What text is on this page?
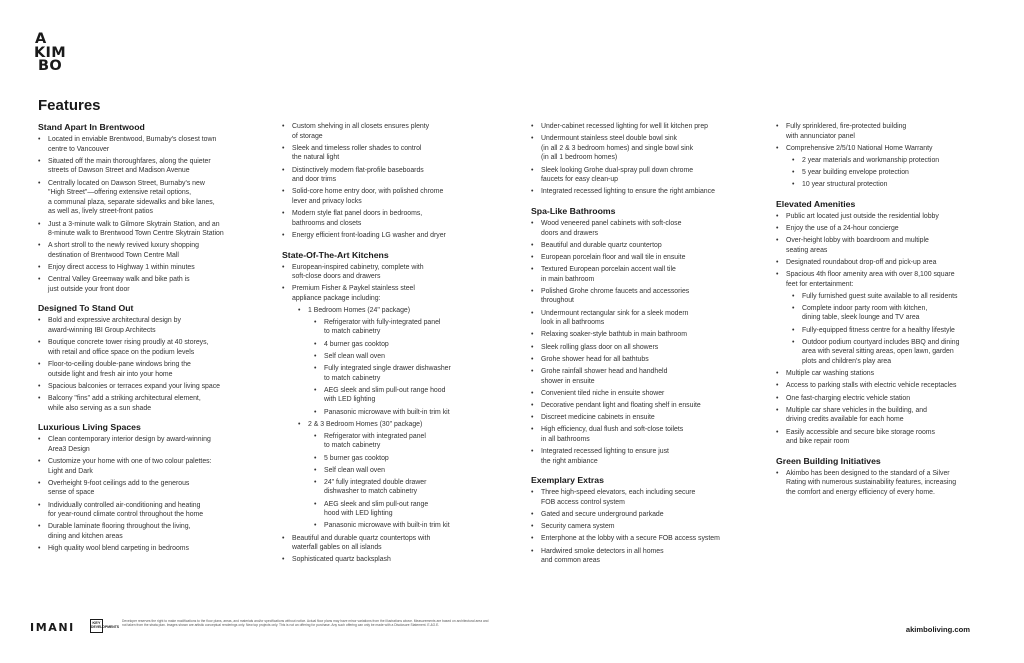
A
KIM
BO
Features
Stand Apart In Brentwood
• Located in enviable Brentwood, Burnaby's closest town
centre to Vancouver
• Situated off the main thoroughfares, along the quieter
streets of Dawson Street and Madison Avenue
• Centrally located on Dawson Street, Burnaby's new
"High Street"—offering extensive retail options,
a communal plaza, separate sidewalks and bike lanes,
as well as, lively street-front patios
• Just a 3-minute walk to Gilmore Skytrain Station, and an
8-minute walk to Brentwood Town Centre Skytrain Station
• A short stroll to the newly revived luxury shopping
destination of Brentwood Town Centre Mall
• Enjoy direct access to Highway 1 within minutes
• Central Valley Greenway walk and bike path is
just outside your front door
Designed To Stand Out
• Bold and expressive architectural design by
award-winning IBI Group Architects
• Boutique concrete tower rising proudly at 40 storeys,
with retail and office space on the podium levels
• Floor-to-ceiling double-pane windows bring the
outside light and fresh air into your home
• Spacious balconies or terraces expand your living space
• Balcony "fins" add a striking architectural element,
while also serving as a sun shade
Luxurious Living Spaces
• Clean contemporary interior design by award-winning
Area3 Design
• Customize your home with one of two colour palettes:
Light and Dark
• Overheight 9-foot ceilings add to the generous
sense of space
• Individually controlled air-conditioning and heating
for year-round climate control throughout the home
• Durable laminate flooring throughout the living,
dining and kitchen areas
• High quality wool blend carpeting in bedrooms
• Custom shelving in all closets ensures plenty
of storage
• Sleek and timeless roller shades to control
the natural light
• Distinctively modern flat-profile baseboards
and door trims
• Solid-core home entry door, with polished chrome
lever and privacy locks
• Modern style flat panel doors in bedrooms,
bathrooms and closets
• Energy efficient front-loading LG washer and dryer
State-Of-The-Art Kitchens
• European-inspired cabinetry, complete with
soft-close doors and drawers
• Premium Fisher & Paykel stainless steel
appliance package including:
• 1 Bedroom Homes (24" package)
• Refrigerator with fully-integrated panel
to match cabinetry
• 4 burner gas cooktop
• Self clean wall oven
• Fully integrated single drawer dishwasher
to match cabinetry
• AEG sleek and slim pull-out range hood
with LED lighting
• Panasonic microwave with built-in trim kit
• 2 & 3 Bedroom Homes (30" package)
• Refrigerator with integrated panel
to match cabinetry
• 5 burner gas cooktop
• Self clean wall oven
• 24" fully integrated double drawer
dishwasher to match cabinetry
• AEG sleek and slim pull-out range
hood with LED lighting
• Panasonic microwave with built-in trim kit
• Beautiful and durable quartz countertops with
waterfall gables on all islands
• Sophisticated quartz backsplash
• Under-cabinet recessed lighting for well lit kitchen prep
• Undermount stainless steel double bowl sink
(in all 2 & 3 bedroom homes) and single bowl sink
(in all 1 bedroom homes)
• Sleek looking Grohe dual-spray pull down chrome
faucets for easy clean-up
• Integrated recessed lighting to ensure the right ambiance
Spa-Like Bathrooms
• Wood veneered panel cabinets with soft-close
doors and drawers
• Beautiful and durable quartz countertop
• European porcelain floor and wall tile in ensuite
• Textured European porcelain accent wall tile
in main bathroom
• Polished Grohe chrome faucets and accessories
throughout
• Undermount rectangular sink for a sleek modern
look in all bathrooms
• Relaxing soaker-style bathtub in main bathroom
• Sleek rolling glass door on all showers
• Grohe shower head for all bathtubs
• Grohe rainfall shower head and handheld
shower in ensuite
• Convenient tiled niche in ensuite shower
• Decorative pendant light and floating shelf in ensuite
• Discreet medicine cabinets in ensuite
• High efficiency, dual flush and soft-close toilets
in all bathrooms
• Integrated recessed lighting to ensure just
the right ambiance
Exemplary Extras
• Three high-speed elevators, each including secure
FOB access control system
• Gated and secure underground parkade
• Security camera system
• Enterphone at the lobby with a secure FOB access system
• Hardwired smoke detectors in all homes
and common areas
• Fully sprinklered, fire-protected building
with annunciator panel
• Comprehensive 2/5/10 National Home Warranty
• 2 year materials and workmanship protection
• 5 year building envelope protection
• 10 year structural protection
Elevated Amenities
• Public art located just outside the residential lobby
• Enjoy the use of a 24-hour concierge
• Over-height lobby with boardroom and multiple
seating areas
• Designated roundabout drop-off and pick-up area
• Spacious 4th floor amenity area with over 8,100 square
feet for entertainment:
• Fully furnished guest suite available to all residents
• Complete indoor party room with kitchen,
dining table, sleek lounge and TV area
• Fully-equipped fitness centre for a healthy lifestyle
• Outdoor podium courtyard includes BBQ and dining
area with several sitting areas, open lawn, garden
plots and children's play area
• Multiple car washing stations
• Access to parking stalls with electric vehicle receptacles
• One fast-charging electric vehicle station
• Multiple car share vehicles in the building, and
driving credits available for each home
• Easily accessible and secure bike storage rooms
and bike repair room
Green Building Initiatives
• Akimbo has been designed to the standard of a Silver
Rating with numerous sustainability features, increasing
the comfort and energy efficiency of every home.
IMANI	KEY
DEVELOPMENTS
Developer reserves the right to make modifications to the floor plans, areas, and materials and/or specifications without notice. Actual floor plans may have minor variations from the illustrations above. Measurements are based on architectural area and not taken from the strata plan. Images shown are artistic conceptual renderings only. New top projects only. This is not an offering for purchase. Any such offering can only be made with a Disclosure Statement. E.&O.E.	akimboliving.com
